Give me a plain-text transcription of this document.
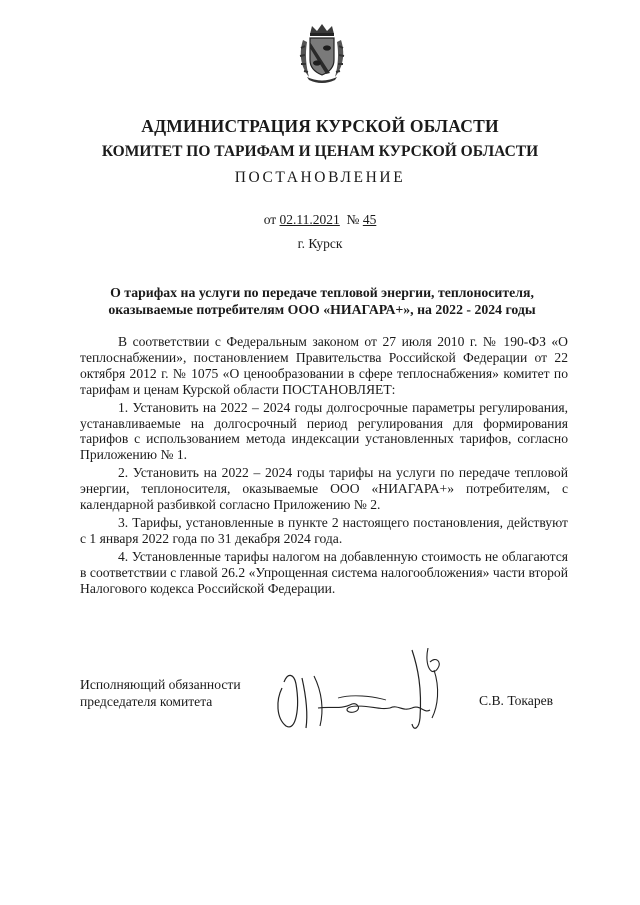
АДМИНИСТРАЦИЯ КУРСКОЙ ОБЛАСТИ
КОМИТЕТ ПО ТАРИФАМ И ЦЕНАМ КУРСКОЙ ОБЛАСТИ
ПОСТАНОВЛЕНИЕ
от 02.11.2021  № 45
г. Курск
О тарифах на услуги по передаче тепловой энергии, теплоносителя, оказываемые потребителям ООО «НИАГАРА+», на 2022 - 2024 годы

В соответствии с Федеральным законом от 27 июля 2010 г. № 190-ФЗ «О теплоснабжении», постановлением Правительства Российской Федерации от 22 октября 2012 г. № 1075 «О ценообразовании в сфере теплоснабжения» комитет по тарифам и ценам Курской области ПОСТАНОВЛЯЕТ:

1. Установить на 2022 – 2024 годы долгосрочные параметры регулирования, устанавливаемые на долгосрочный период регулирования для формирования тарифов с использованием метода индексации установленных тарифов, согласно Приложению № 1.

2. Установить на 2022 – 2024 годы тарифы на услуги по передаче тепловой энергии, теплоносителя, оказываемые ООО «НИАГАРА+» потребителям, с календарной разбивкой согласно Приложению № 2.

3. Тарифы, установленные в пункте 2 настоящего постановления, действуют с 1 января 2022 года по 31 декабря 2024 года.

4. Установленные тарифы налогом на добавленную стоимость не облагаются в соответствии с главой 26.2 «Упрощенная система налогообложения» части второй Налогового кодекса Российской Федерации.

Исполняющий обязанности
председателя комитета	С.В. Токарев
